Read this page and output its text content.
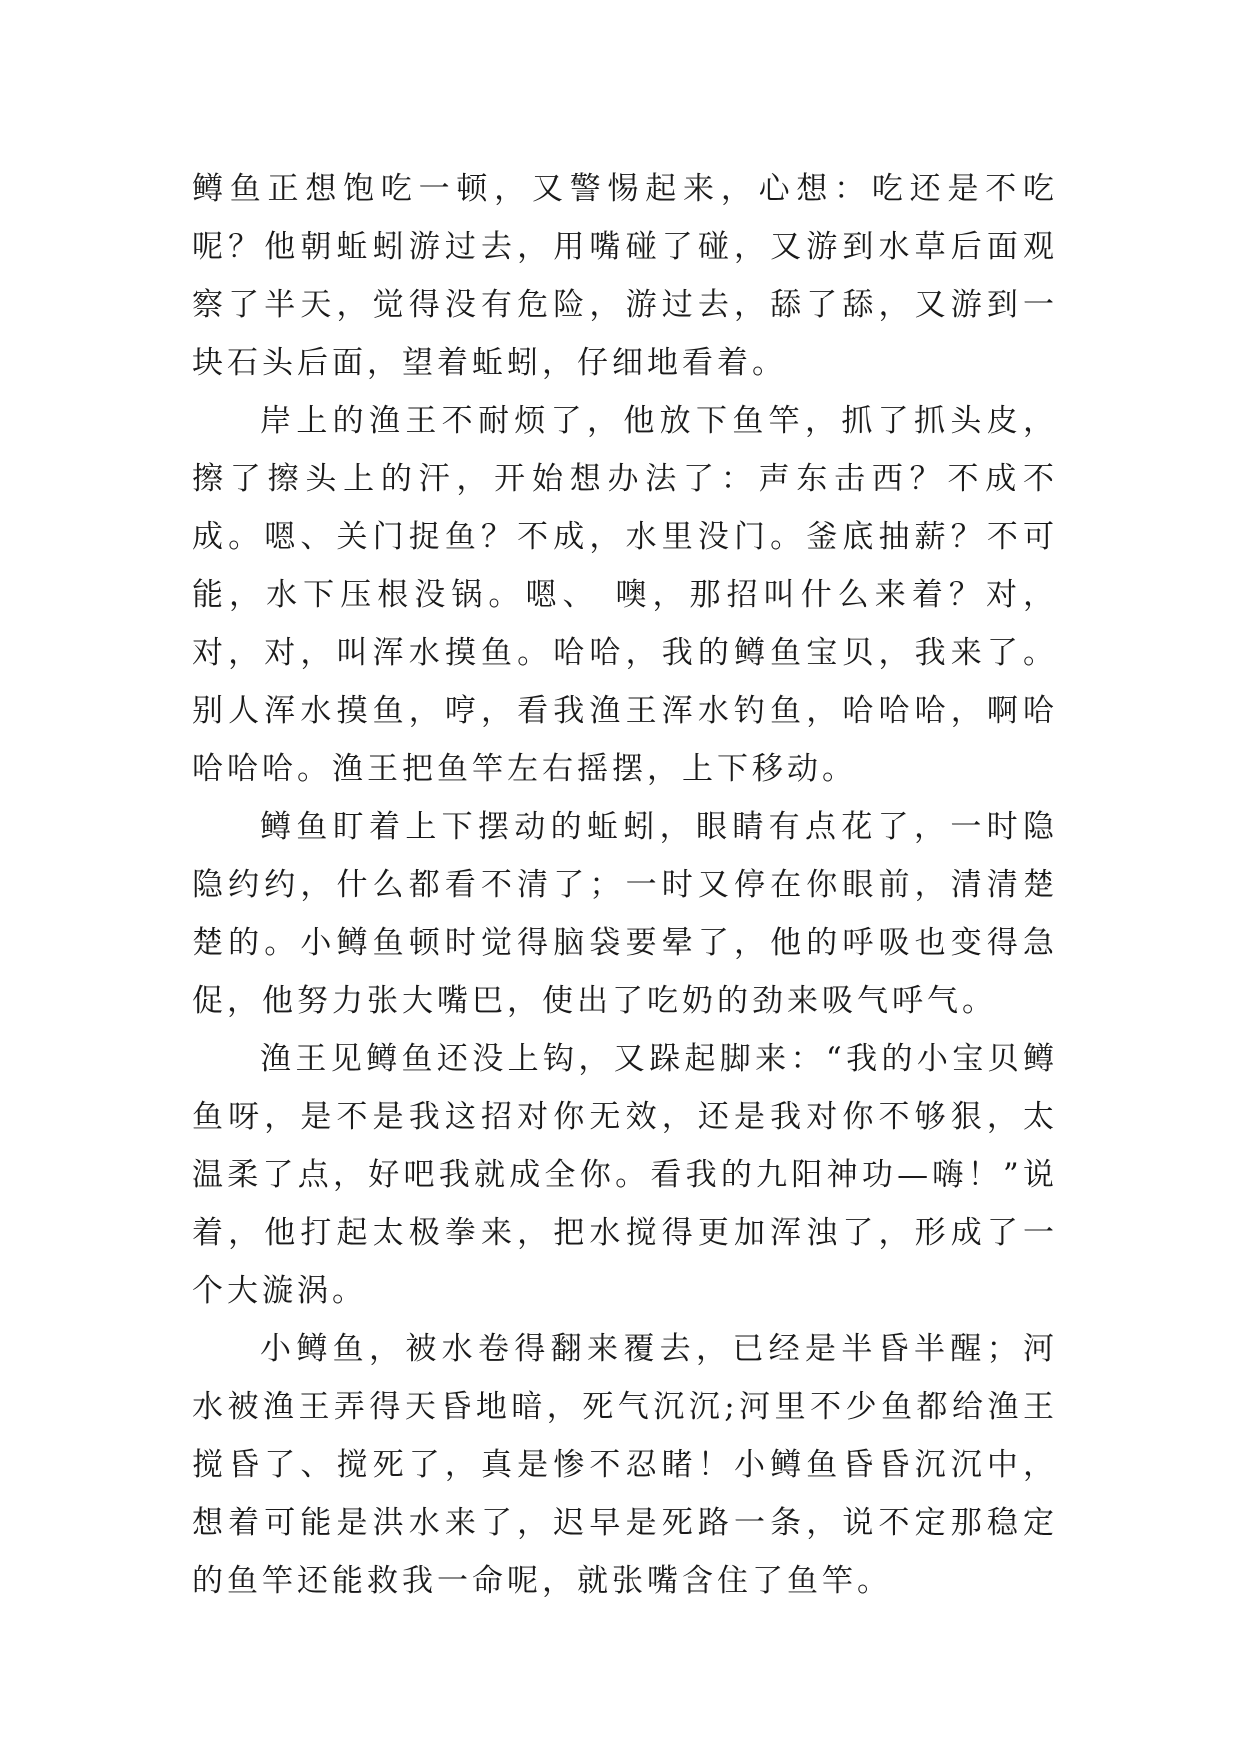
鳟鱼正想饱吃一顿，又警惕起来，心想：吃还是不吃呢？他朝蚯蚓游过去，用嘴碰了碰，又游到水草后面观察了半天，觉得没有危险，游过去，舔了舔，又游到一块石头后面，望着蚯蚓，仔细地看着。

岸上的渔王不耐烦了，他放下鱼竿，抓了抓头皮，擦了擦头上的汗，开始想办法了：声东击西？不成不成。嗯、关门捉鱼？不成，水里没门。釜底抽薪？不可能，水下压根没锅。嗯、 噢，那招叫什么来着？对，对，对，叫浑水摸鱼。哈哈，我的鳟鱼宝贝，我来了。别人浑水摸鱼，哼，看我渔王浑水钓鱼，哈哈哈，啊哈哈哈哈。渔王把鱼竿左右摇摆，上下移动。

鳟鱼盯着上下摆动的蚯蚓，眼睛有点花了，一时隐隐约约，什么都看不清了；一时又停在你眼前，清清楚楚的。小鳟鱼顿时觉得脑袋要晕了，他的呼吸也变得急促，他努力张大嘴巴，使出了吃奶的劲来吸气呼气。

渔王见鳟鱼还没上钩，又跺起脚来：“我的小宝贝鳟鱼呀，是不是我这招对你无效，还是我对你不够狠，太温柔了点，好吧我就成全你。看我的九阳神功—嗨！”说着，他打起太极拳来，把水搅得更加浑浊了，形成了一个大漩涡。

小鳟鱼，被水卷得翻来覆去，已经是半昏半醒；河水被渔王弄得天昏地暗，死气沉沉;河里不少鱼都给渔王搅昏了、搅死了，真是惨不忍睹！小鳟鱼昏昏沉沉中，想着可能是洪水来了，迟早是死路一条，说不定那稳定的鱼竿还能救我一命呢，就张嘴含住了鱼竿。
